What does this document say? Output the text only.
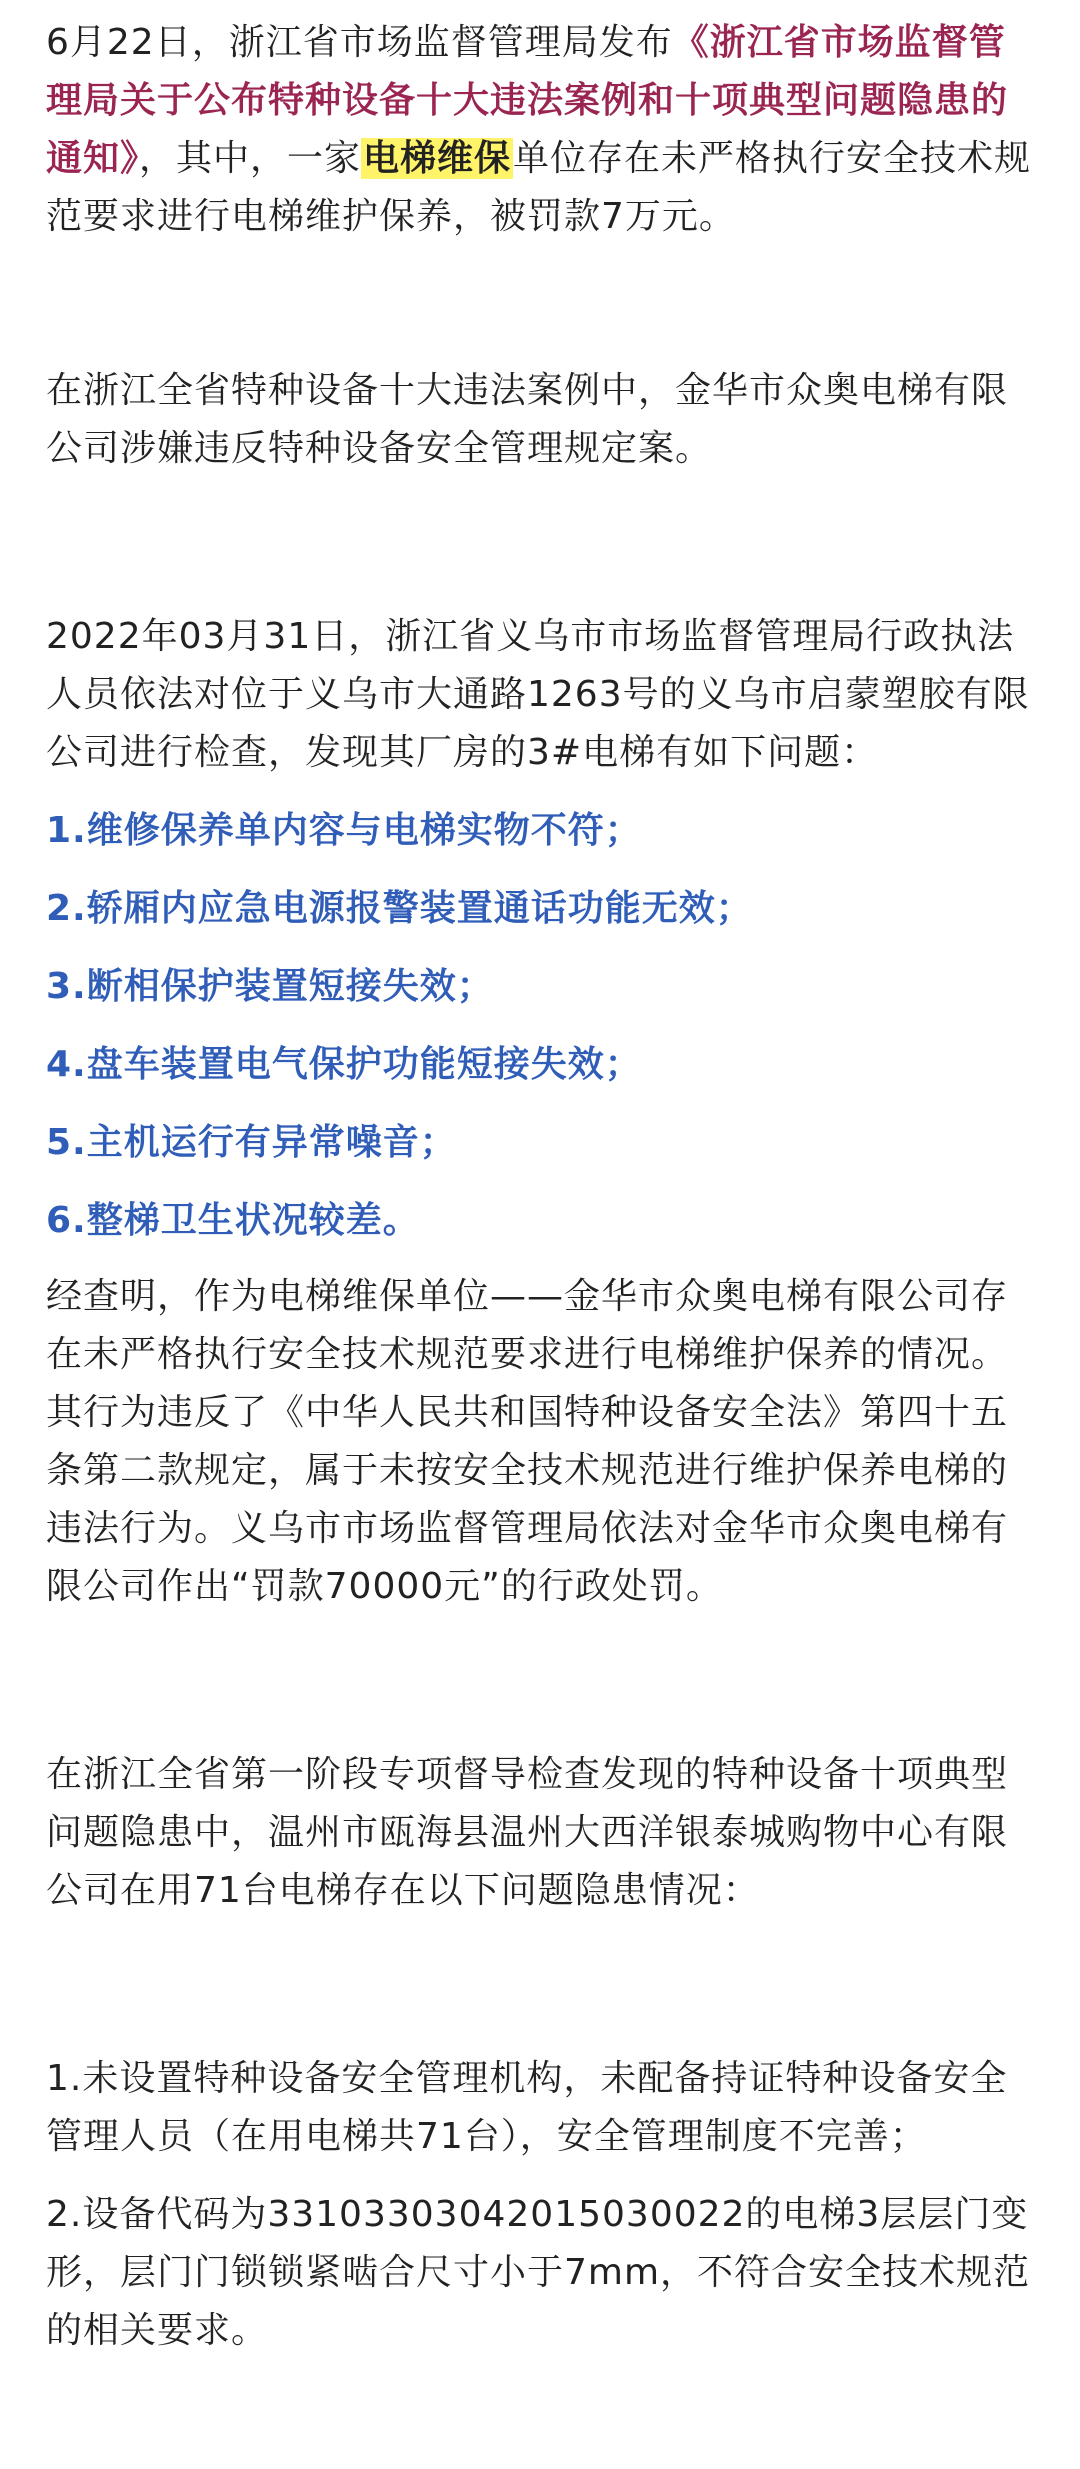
6月22日，浙江省市场监督管理局发布《浙江省市场监督管理局关于公布特种设备十大违法案例和十项典型问题隐患的通知》，其中，一家电梯维保单位存在未严格执行安全技术规范要求进行电梯维护保养，被罚款7万元。

在浙江全省特种设备十大违法案例中，金华市众奥电梯有限公司涉嫌违反特种设备安全管理规定案。

2022年03月31日，浙江省义乌市市场监督管理局行政执法人员依法对位于义乌市大通路1263号的义乌市启蒙塑胶有限公司进行检查，发现其厂房的3#电梯有如下问题：

1.维修保养单内容与电梯实物不符；

2.轿厢内应急电源报警装置通话功能无效；

3.断相保护装置短接失效；

4.盘车装置电气保护功能短接失效；

5.主机运行有异常噪音；

6.整梯卫生状况较差。

经查明，作为电梯维保单位——金华市众奥电梯有限公司存在未严格执行安全技术规范要求进行电梯维护保养的情况。其行为违反了《中华人民共和国特种设备安全法》第四十五条第二款规定，属于未按安全技术规范进行维护保养电梯的违法行为。义乌市市场监督管理局依法对金华市众奥电梯有限公司作出“罚款70000元”的行政处罚。

在浙江全省第一阶段专项督导检查发现的特种设备十项典型问题隐患中，温州市瓯海县温州大西洋银泰城购物中心有限公司在用71台电梯存在以下问题隐患情况：

1.未设置特种设备安全管理机构，未配备持证特种设备安全管理人员（在用电梯共71台），安全管理制度不完善；

2.设备代码为33103303042015030022的电梯3层层门变形，层门门锁锁紧啮合尺寸小于7mm，不符合安全技术规范的相关要求。
